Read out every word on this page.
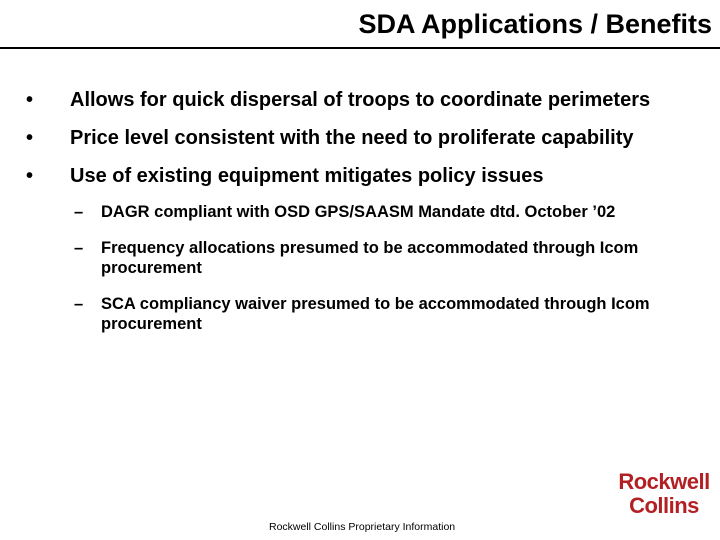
SDA Applications / Benefits
• Allows for quick dispersal of troops to coordinate perimeters
• Price level consistent with the need to proliferate capability
• Use of existing equipment mitigates policy issues
– DAGR compliant with OSD GPS/SAASM Mandate dtd. October ’02
– Frequency allocations presumed to be accommodated through Icom procurement
– SCA compliancy waiver presumed to be accommodated through Icom procurement
Rockwell Collins Proprietary Information
Rockwell
Collins
